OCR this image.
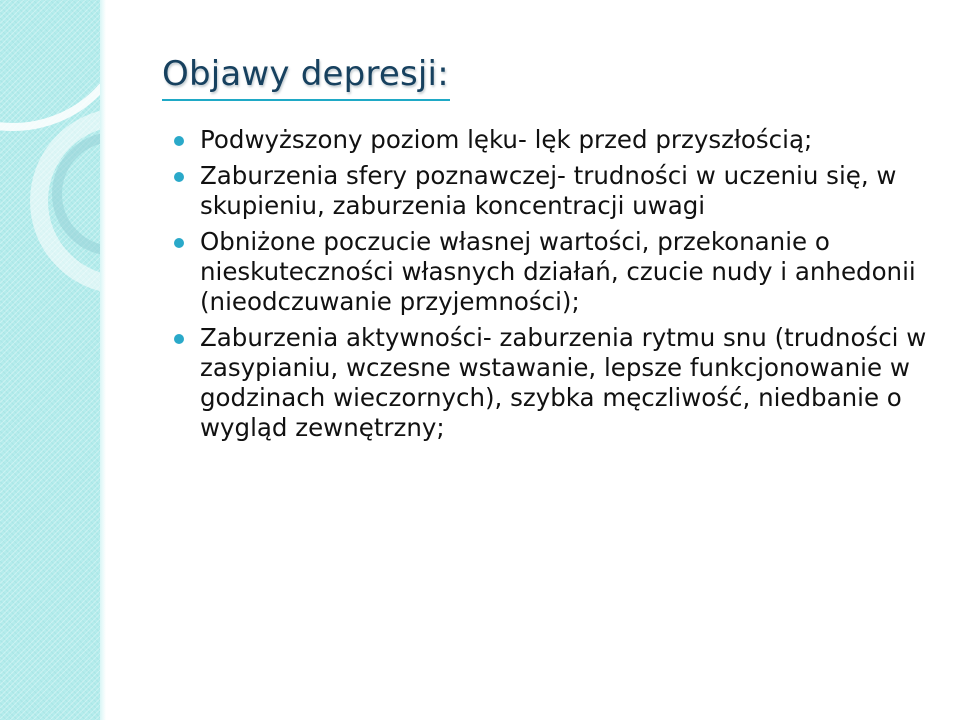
Objawy depresji:
Podwyższony poziom lęku- lęk przed przyszłością;
Zaburzenia sfery poznawczej- trudności w uczeniu się, w skupieniu, zaburzenia koncentracji uwagi
Obniżone poczucie własnej wartości, przekonanie o nieskuteczności własnych działań, czucie nudy i anhedonii (nieodczuwanie przyjemności);
Zaburzenia aktywności- zaburzenia rytmu snu (trudności w zasypianiu, wczesne wstawanie, lepsze funkcjonowanie w godzinach wieczornych), szybka męczliwość, niedbanie o wygląd zewnętrzny;
